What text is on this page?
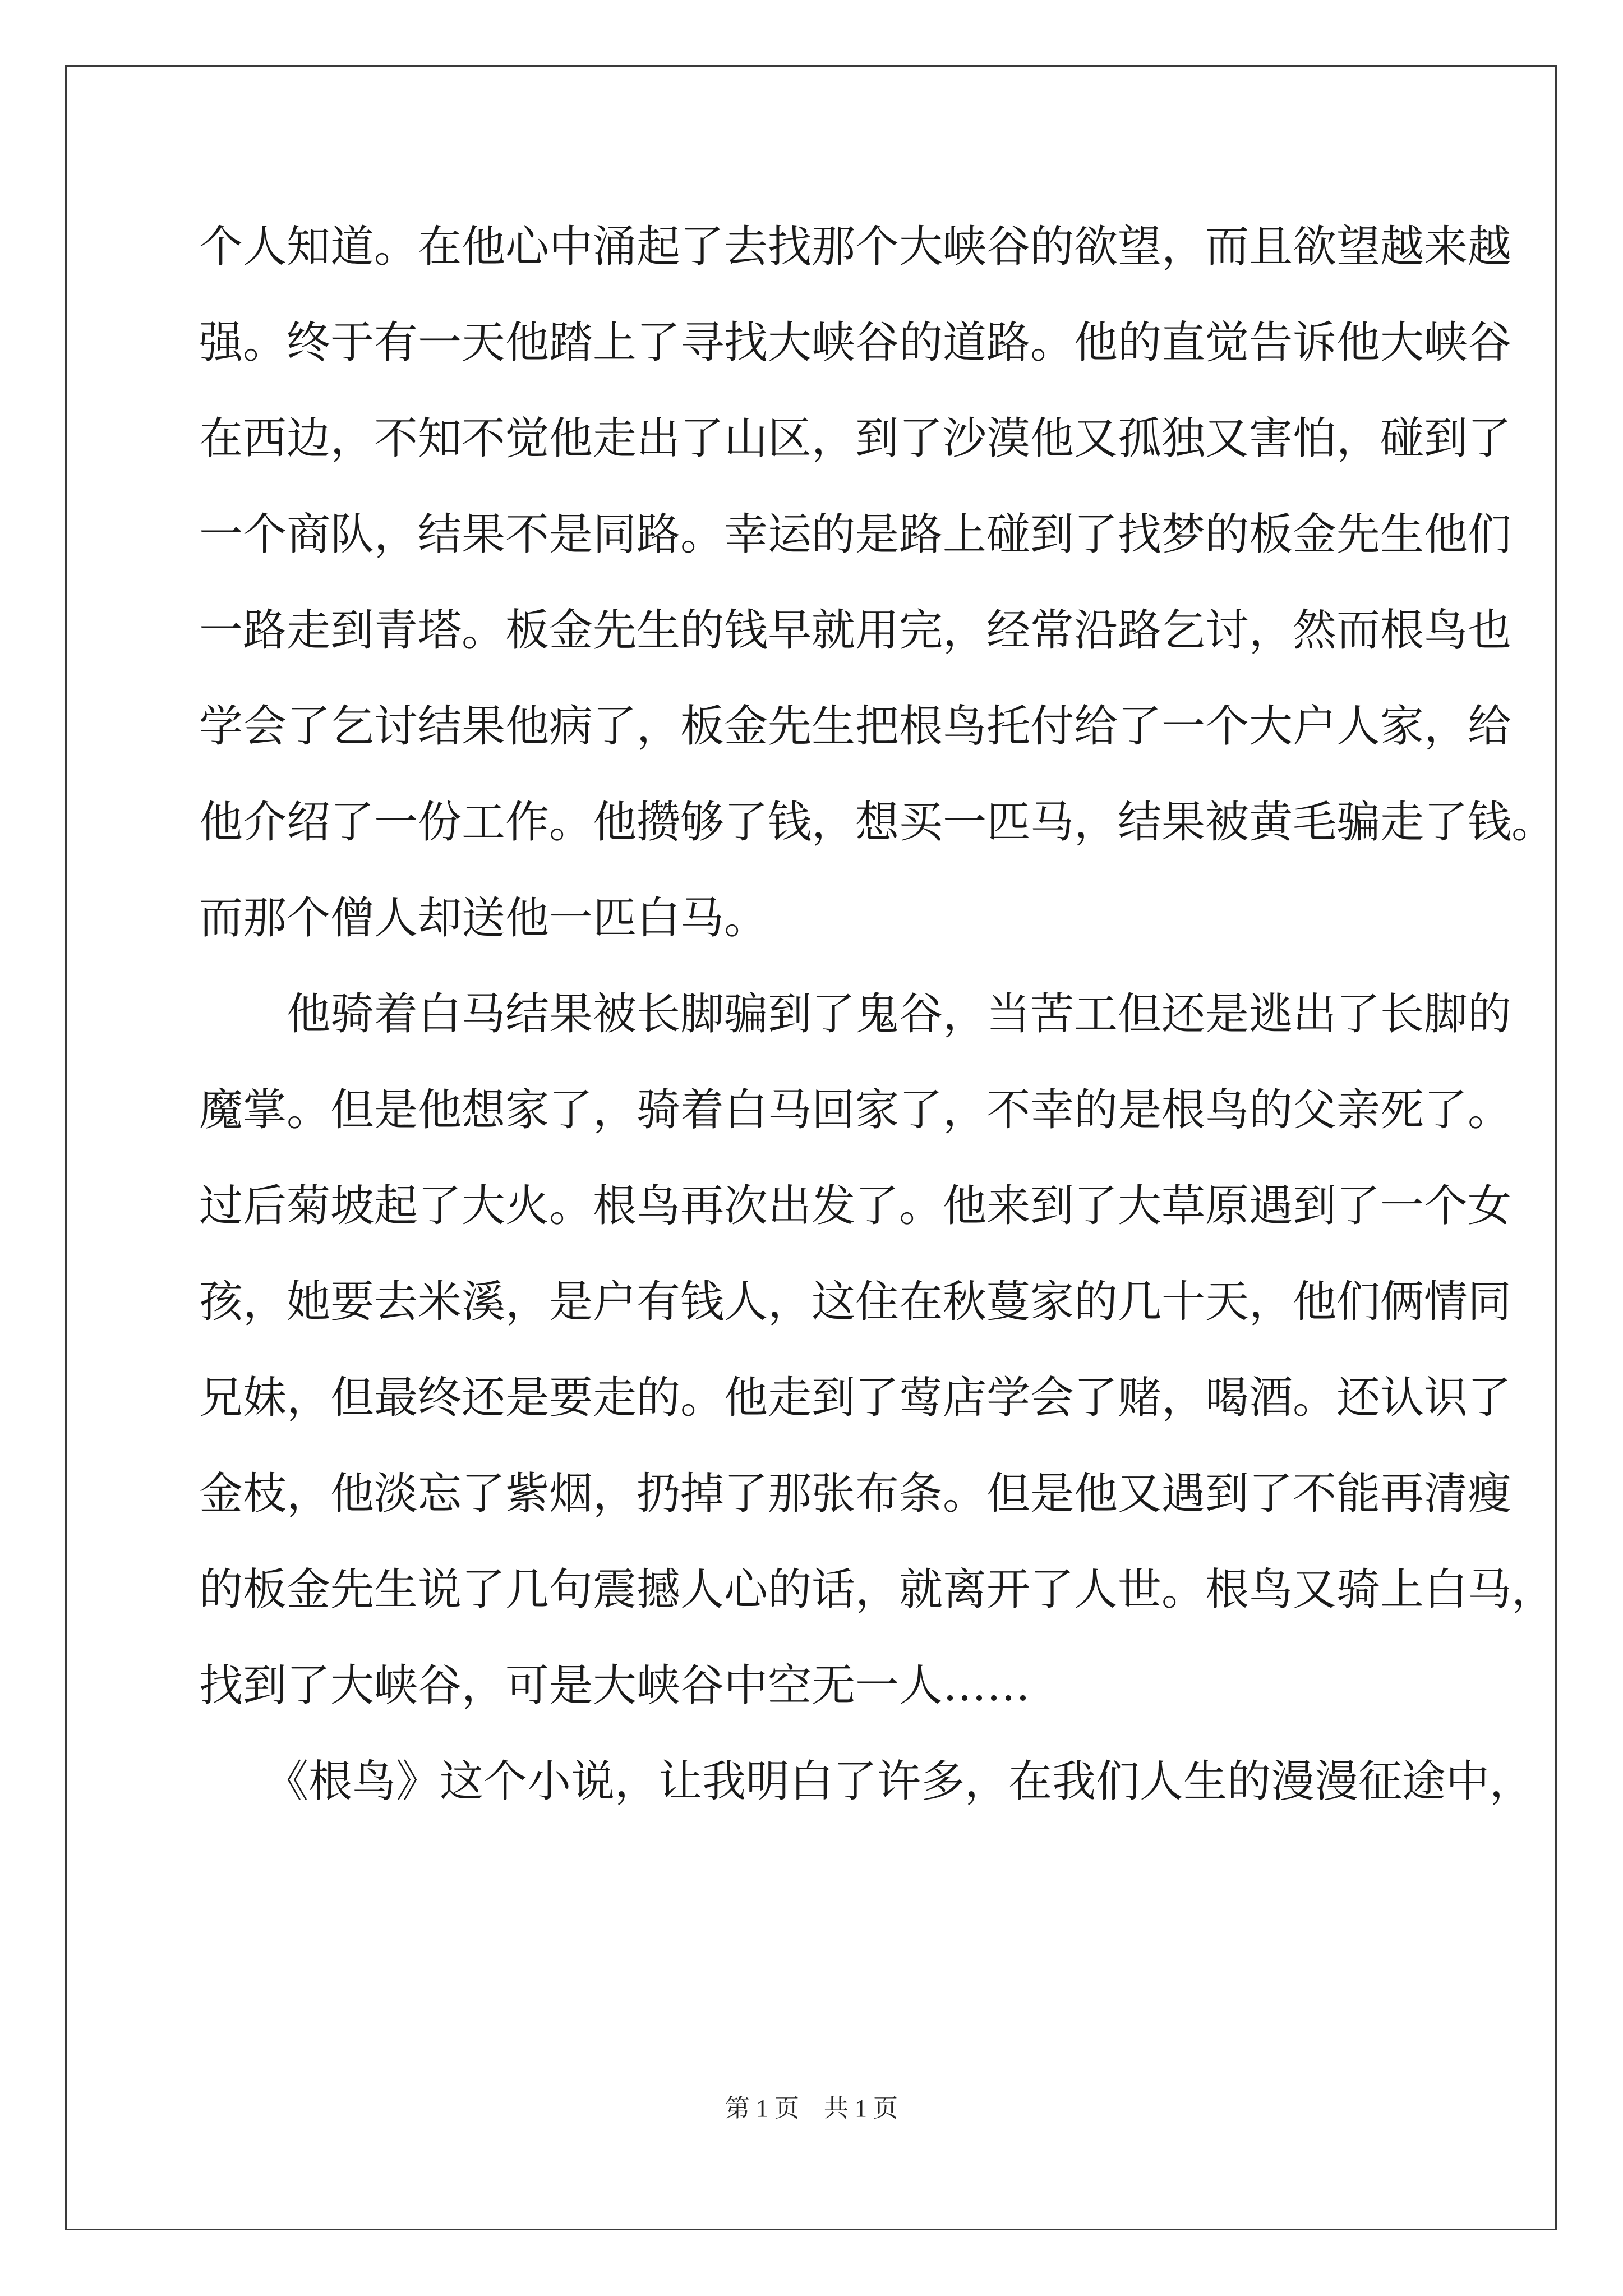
个人知道。在他心中涌起了去找那个大峡谷的欲望，而且欲望越来越
强。终于有一天他踏上了寻找大峡谷的道路。他的直觉告诉他大峡谷
在西边，不知不觉他走出了山区，到了沙漠他又孤独又害怕，碰到了
一个商队，结果不是同路。幸运的是路上碰到了找梦的板金先生他们
一路走到青塔。板金先生的钱早就用完，经常沿路乞讨，然而根鸟也
学会了乞讨结果他病了，板金先生把根鸟托付给了一个大户人家，给
他介绍了一份工作。他攒够了钱，想买一匹马，结果被黄毛骗走了钱。
而那个僧人却送他一匹白马。
　　他骑着白马结果被长脚骗到了鬼谷，当苦工但还是逃出了长脚的
魔掌。但是他想家了，骑着白马回家了，不幸的是根鸟的父亲死了。
过后菊坡起了大火。根鸟再次出发了。他来到了大草原遇到了一个女
孩，她要去米溪，是户有钱人，这住在秋蔓家的几十天，他们俩情同
兄妹，但最终还是要走的。他走到了莺店学会了赌，喝酒。还认识了
金枝，他淡忘了紫烟，扔掉了那张布条。但是他又遇到了不能再清瘦
的板金先生说了几句震撼人心的话，就离开了人世。根鸟又骑上白马，
找到了大峡谷，可是大峡谷中空无一人……
　　《根鸟》这个小说，让我明白了许多，在我们人生的漫漫征途中，
第 1 页　共 1 页
